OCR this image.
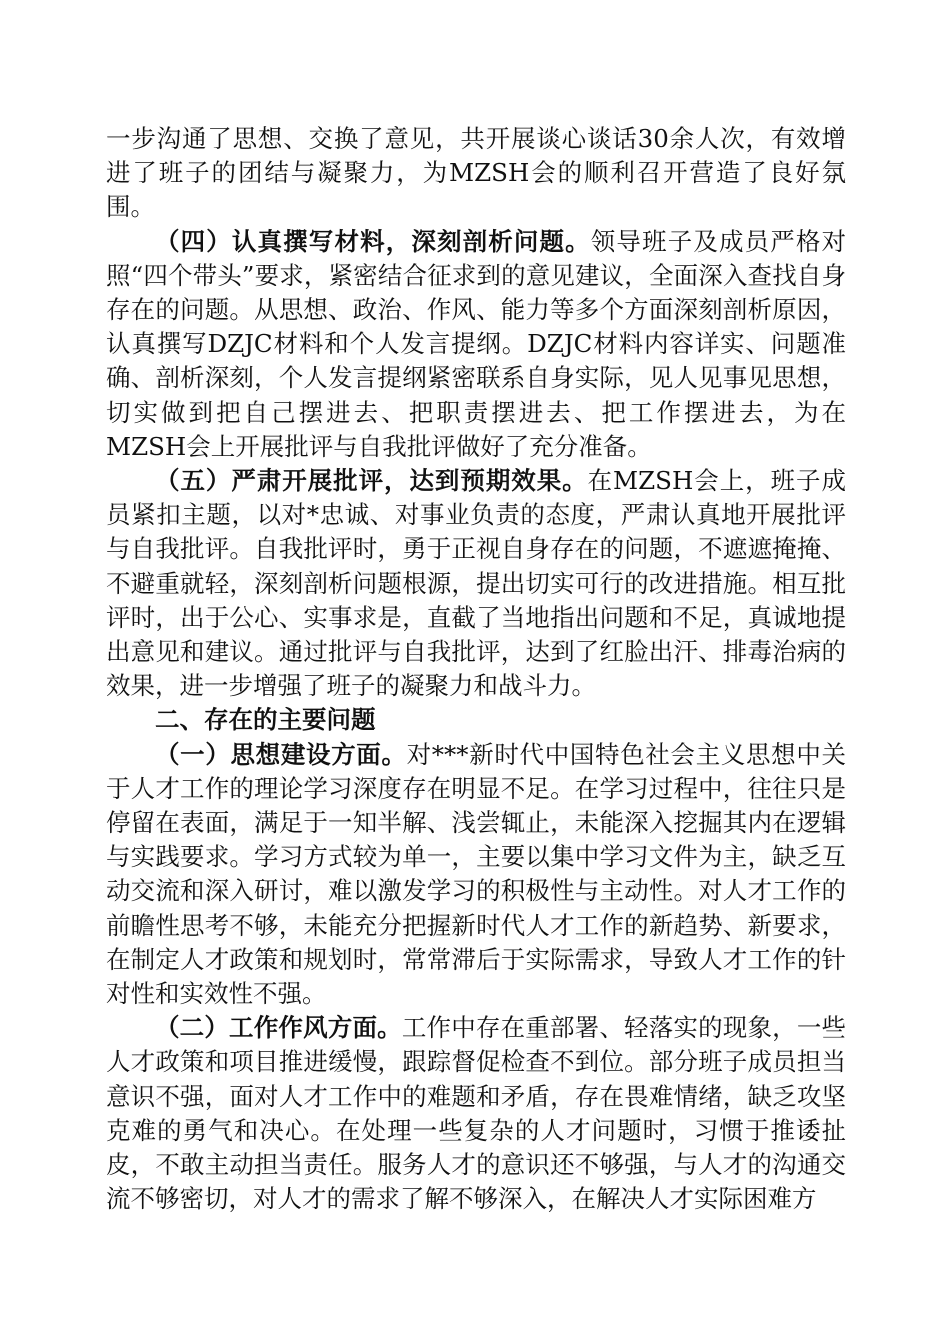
一步沟通了思想、交换了意见，共开展谈心谈话30余人次，有效增进了班子的团结与凝聚力，为MZSH会的顺利召开营造了良好氛围。

（四）认真撰写材料，深刻剖析问题。领导班子及成员严格对照“四个带头”要求，紧密结合征求到的意见建议，全面深入查找自身存在的问题。从思想、政治、作风、能力等多个方面深刻剖析原因，认真撰写DZJC材料和个人发言提纲。DZJC材料内容详实、问题准确、剖析深刻，个人发言提纲紧密联系自身实际，见人见事见思想，切实做到把自己摆进去、把职责摆进去、把工作摆进去，为在MZSH会上开展批评与自我批评做好了充分准备。

（五）严肃开展批评，达到预期效果。在MZSH会上，班子成员紧扣主题，以对*忠诚、对事业负责的态度，严肃认真地开展批评与自我批评。自我批评时，勇于正视自身存在的问题，不遮遮掩掩、不避重就轻，深刻剖析问题根源，提出切实可行的改进措施。相互批评时，出于公心、实事求是，直截了当地指出问题和不足，真诚地提出意见和建议。通过批评与自我批评，达到了红脸出汗、排毒治病的效果，进一步增强了班子的凝聚力和战斗力。

二、存在的主要问题

（一）思想建设方面。对***新时代中国特色社会主义思想中关于人才工作的理论学习深度存在明显不足。在学习过程中，往往只是停留在表面，满足于一知半解、浅尝辄止，未能深入挖掘其内在逻辑与实践要求。学习方式较为单一，主要以集中学习文件为主，缺乏互动交流和深入研讨，难以激发学习的积极性与主动性。对人才工作的前瞻性思考不够，未能充分把握新时代人才工作的新趋势、新要求，在制定人才政策和规划时，常常滞后于实际需求，导致人才工作的针对性和实效性不强。

（二）工作作风方面。工作中存在重部署、轻落实的现象，一些人才政策和项目推进缓慢，跟踪督促检查不到位。部分班子成员担当意识不强，面对人才工作中的难题和矛盾，存在畏难情绪，缺乏攻坚克难的勇气和决心。在处理一些复杂的人才问题时，习惯于推诿扯皮，不敢主动担当责任。服务人才的意识还不够强，与人才的沟通交流不够密切，对人才的需求了解不够深入，在解决人才实际困难方
